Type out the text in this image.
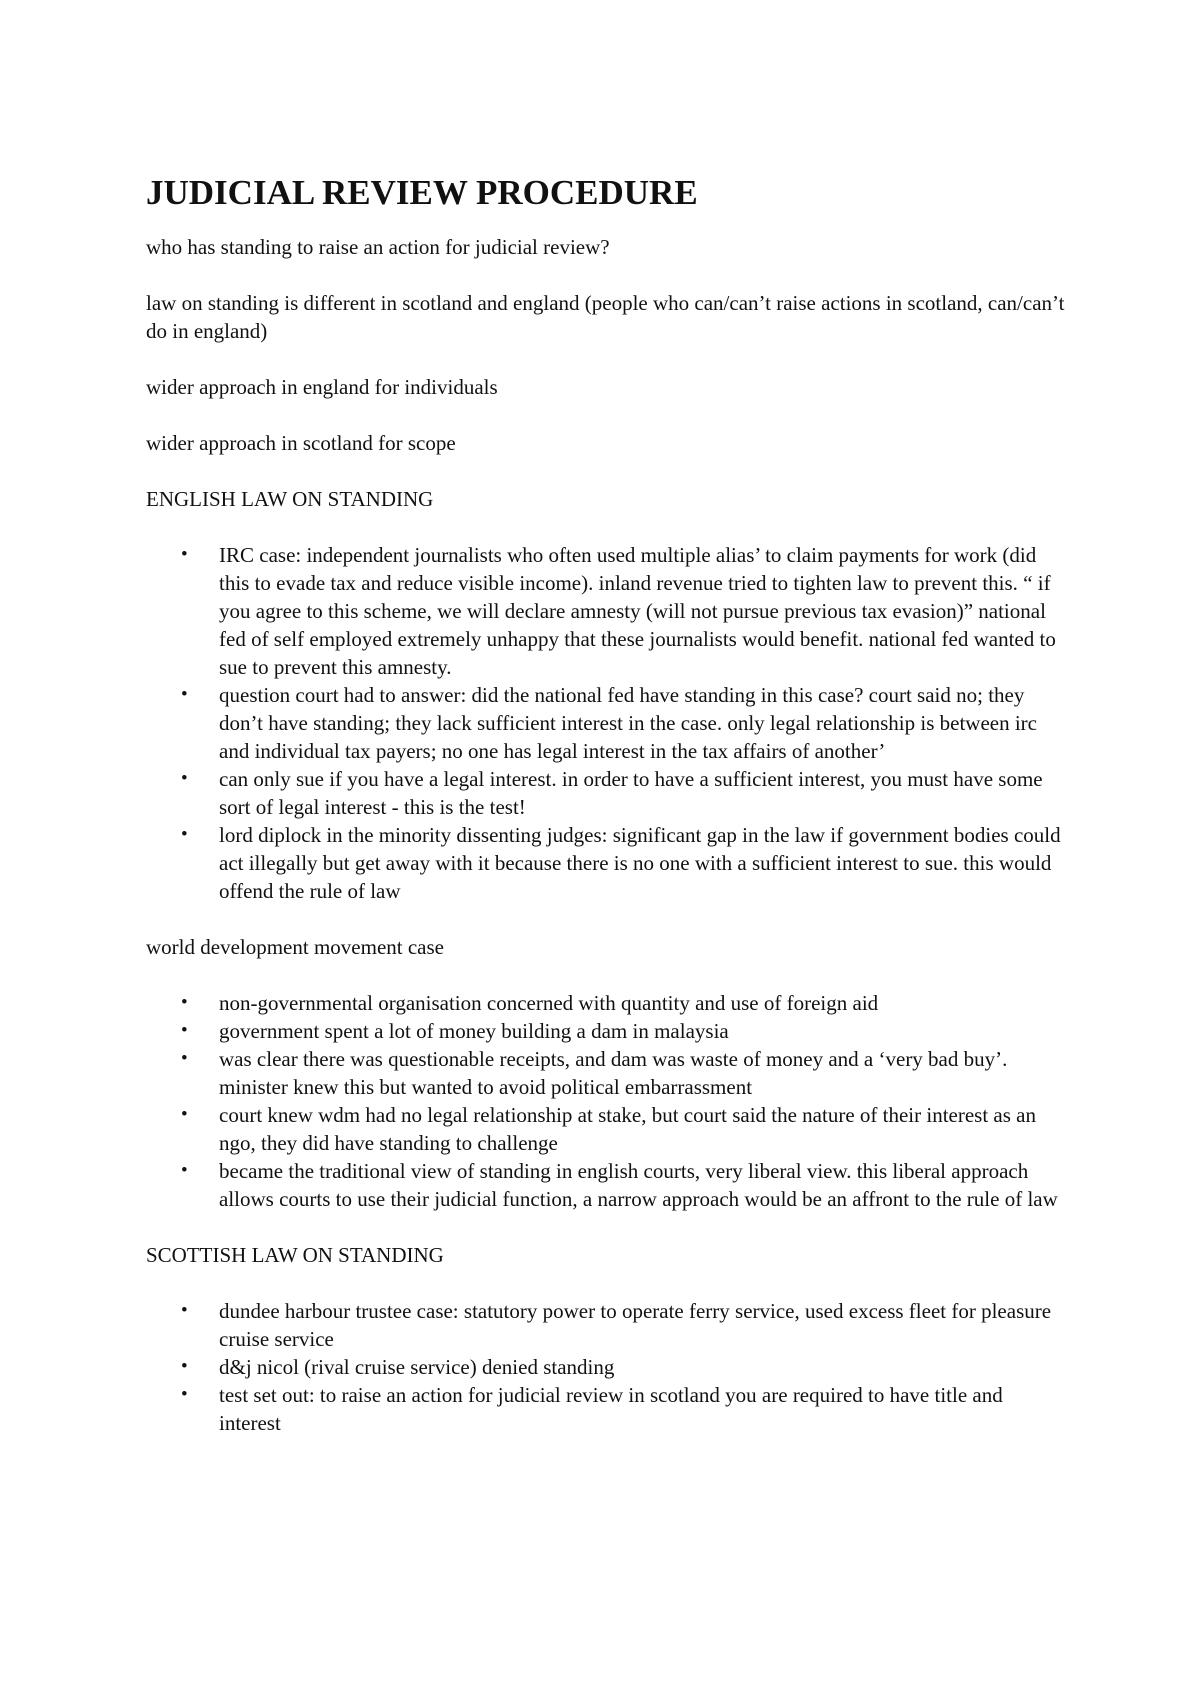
JUDICIAL REVIEW PROCEDURE

who has standing to raise an action for judicial review?

law on standing is different in scotland and england (people who can/can’t raise actions in scotland, can/can’t do in england)

wider approach in england for individuals

wider approach in scotland for scope

ENGLISH LAW ON STANDING

• IRC case: independent journalists who often used multiple alias’ to claim payments for work (did this to evade tax and reduce visible income). inland revenue tried to tighten law to prevent this. “ if you agree to this scheme, we will declare amnesty (will not pursue previous tax evasion)” national fed of self employed extremely unhappy that these journalists would benefit. national fed wanted to sue to prevent this amnesty.
• question court had to answer: did the national fed have standing in this case? court said no; they don’t have standing; they lack sufficient interest in the case. only legal relationship is between irc and individual tax payers; no one has legal interest in the tax affairs of another’
• can only sue if you have a legal interest. in order to have a sufficient interest, you must have some sort of legal interest - this is the test!
• lord diplock in the minority dissenting judges: significant gap in the law if government bodies could act illegally but get away with it because there is no one with a sufficient interest to sue. this would offend the rule of law

world development movement case

• non-governmental organisation concerned with quantity and use of foreign aid
• government spent a lot of money building a dam in malaysia
• was clear there was questionable receipts, and dam was waste of money and a ‘very bad buy’. minister knew this but wanted to avoid political embarrassment
• court knew wdm had no legal relationship at stake, but court said the nature of their interest as an ngo, they did have standing to challenge
• became the traditional view of standing in english courts, very liberal view. this liberal approach allows courts to use their judicial function, a narrow approach would be an affront to the rule of law

SCOTTISH LAW ON STANDING

• dundee harbour trustee case: statutory power to operate ferry service, used excess fleet for pleasure cruise service
• d&j nicol (rival cruise service) denied standing
• test set out: to raise an action for judicial review in scotland you are required to have title and interest
